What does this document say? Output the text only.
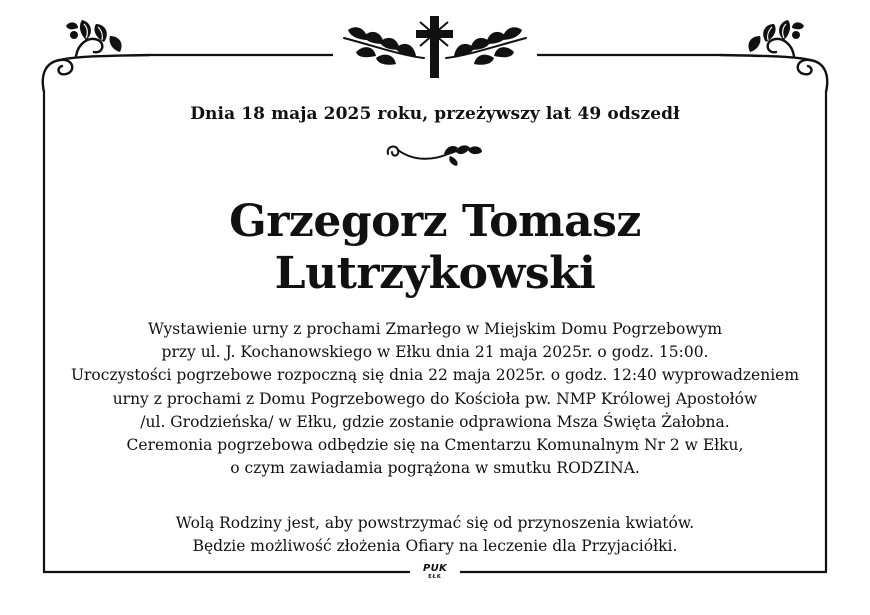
Dnia 18 maja 2025 roku, przeżywszy lat 49 odszedł
Grzegorz Tomasz
Lutrzykowski
Wystawienie urny z prochami Zmarłego w Miejskim Domu Pogrzebowym
przy ul. J. Kochanowskiego w Ełku dnia 21 maja 2025r. o godz. 15:00.
Uroczystości pogrzebowe rozpoczną się dnia 22 maja 2025r. o godz. 12:40 wyprowadzeniem
urny z prochami z Domu Pogrzebowego do Kościoła pw. NMP Królowej Apostołów
/ul. Grodzieńska/ w Ełku, gdzie zostanie odprawiona Msza Święta Żałobna.
Ceremonia pogrzebowa odbędzie się na Cmentarzu Komunalnym Nr 2 w Ełku,
o czym zawiadamia pogrążona w smutku RODZINA.
Wolą Rodziny jest, aby powstrzymać się od przynoszenia kwiatów.
Będzie możliwość złożenia Ofiary na leczenie dla Przyjaciółki.
PUK
EŁK
